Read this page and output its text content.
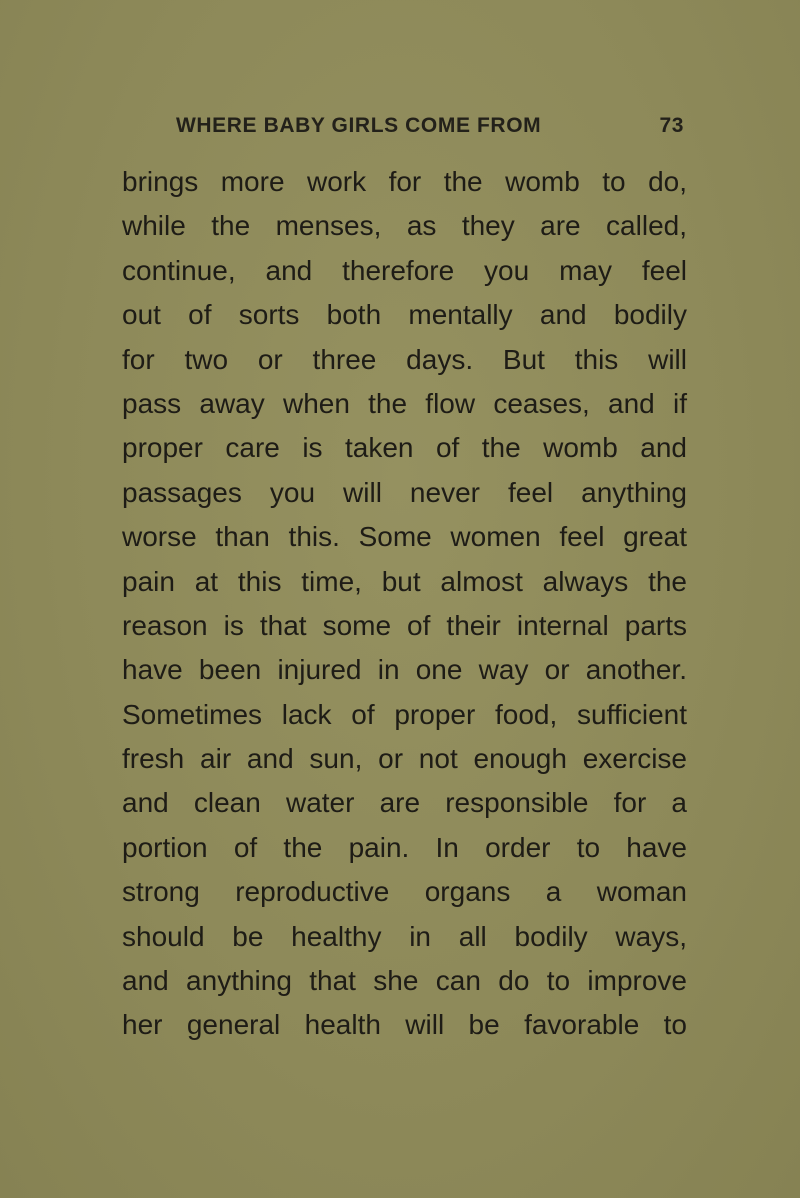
WHERE BABY GIRLS COME FROM	73
brings more work for the womb to do,
while the menses, as they are called,
continue, and therefore you may feel
out of sorts both mentally and bodily
for two or three days. But this will
pass away when the flow ceases, and if
proper care is taken of the womb and
passages you will never feel anything
worse than this. Some women feel great
pain at this time, but almost always the
reason is that some of their internal parts
have been injured in one way or another.
Sometimes lack of proper food, sufficient
fresh air and sun, or not enough exercise
and clean water are responsible for a
portion of the pain. In order to have
strong reproductive organs a woman
should be healthy in all bodily ways,
and anything that she can do to improve
her general health will be favorable to
